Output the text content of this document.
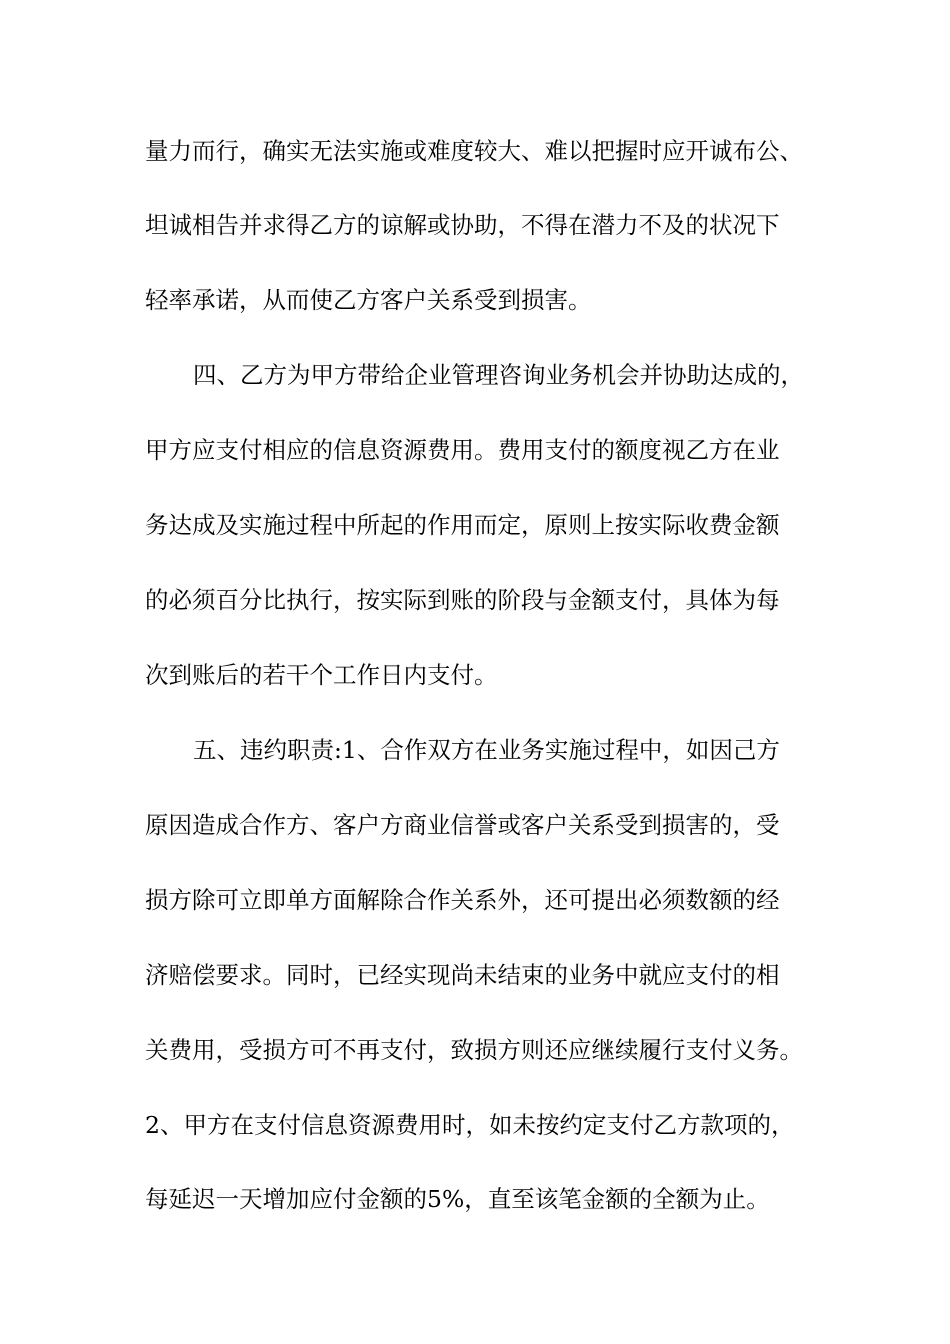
量力而行，确实无法实施或难度较大、难以把握时应开诚布公、
坦诚相告并求得乙方的谅解或协助，不得在潜力不及的状况下
轻率承诺，从而使乙方客户关系受到损害。
四、乙方为甲方带给企业管理咨询业务机会并协助达成的，
甲方应支付相应的信息资源费用。费用支付的额度视乙方在业
务达成及实施过程中所起的作用而定，原则上按实际收费金额
的必须百分比执行，按实际到账的阶段与金额支付，具体为每
次到账后的若干个工作日内支付。
五、违约职责:1、合作双方在业务实施过程中，如因己方
原因造成合作方、客户方商业信誉或客户关系受到损害的，受
损方除可立即单方面解除合作关系外，还可提出必须数额的经
济赔偿要求。同时，已经实现尚未结束的业务中就应支付的相
关费用，受损方可不再支付，致损方则还应继续履行支付义务。
2、甲方在支付信息资源费用时，如未按约定支付乙方款项的，
每延迟一天增加应付金额的5%，直至该笔金额的全额为止。
